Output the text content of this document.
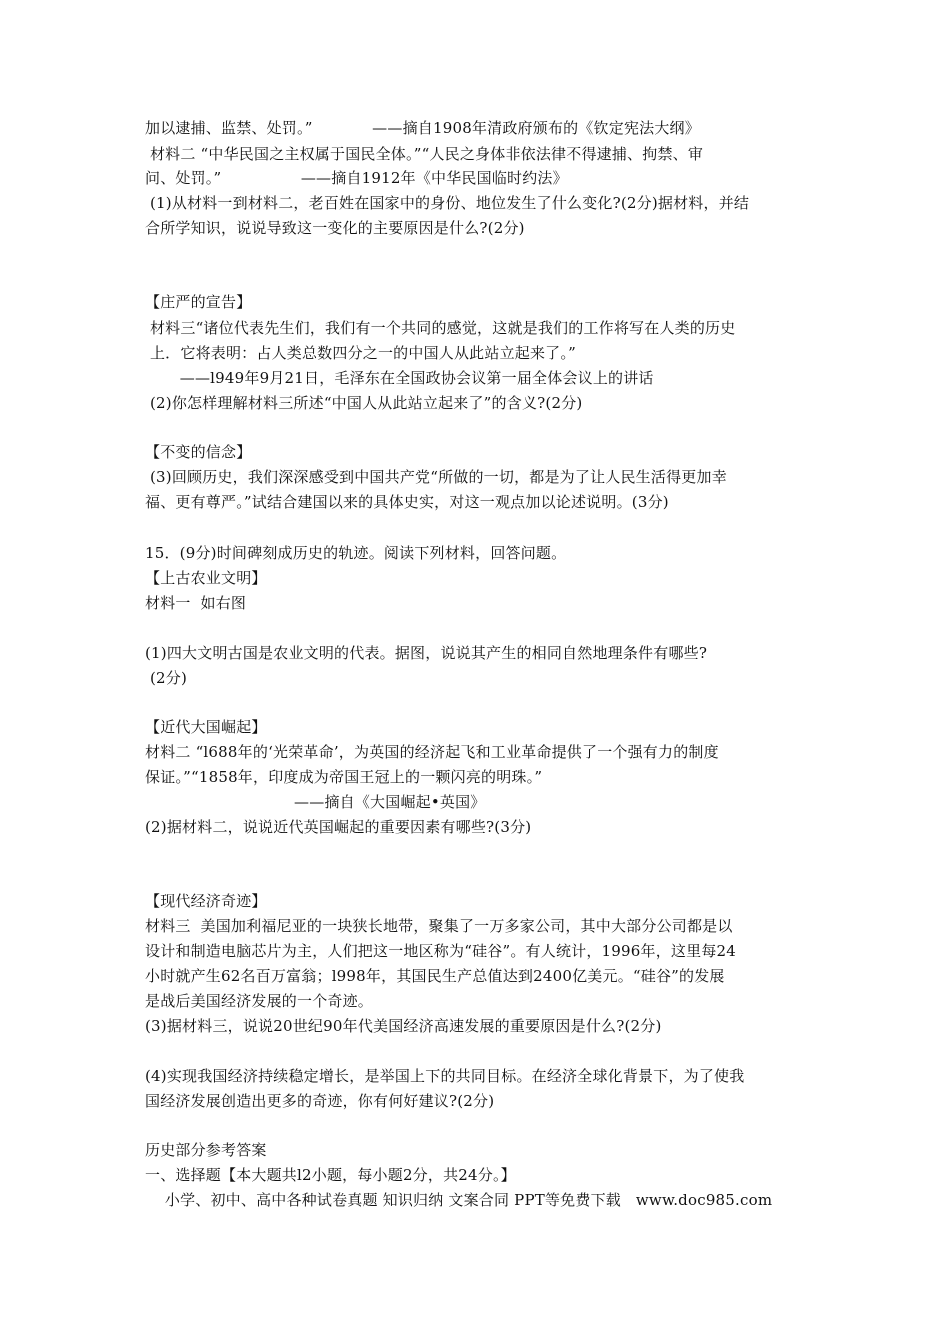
加以逮捕、监禁、处罚。”            ——摘自1908年清政府颁布的《钦定宪法大纲》
材料二 “中华民国之主权属于国民全体。”“人民之身体非依法律不得逮捕、拘禁、审
问、处罚。”                ——摘自1912年《中华民国临时约法》
(1)从材料一到材料二，老百姓在国家中的身份、地位发生了什么变化?(2分)据材料，并结
合所学知识，说说导致这一变化的主要原因是什么?(2分)
【庄严的宣告】
材料三“诸位代表先生们，我们有一个共同的感觉，这就是我们的工作将写在人类的历史
上．它将表明：占人类总数四分之一的中国人从此站立起来了。”
——l949年9月21日，毛泽东在全国政协会议第一届全体会议上的讲话
(2)你怎样理解材料三所述“中国人从此站立起来了”的含义?(2分)
【不变的信念】
(3)回顾历史，我们深深感受到中国共产党“所做的一切，都是为了让人民生活得更加幸
福、更有尊严。”试结合建国以来的具体史实，对这一观点加以论述说明。(3分)
15．(9分)时间碑刻成历史的轨迹。阅读下列材料，回答问题。
【上古农业文明】
材料一  如右图
(1)四大文明古国是农业文明的代表。据图，说说其产生的相同自然地理条件有哪些?
(2分)
【近代大国崛起】
材料二 “l688年的‘光荣革命’，为英国的经济起飞和工业革命提供了一个强有力的制度
保证。”“1858年，印度成为帝国王冠上的一颗闪亮的明珠。”
——摘自《大国崛起•英国》
(2)据材料二，说说近代英国崛起的重要因素有哪些?(3分)
【现代经济奇迹】
材料三  美国加利福尼亚的一块狭长地带，聚集了一万多家公司，其中大部分公司都是以
设计和制造电脑芯片为主，人们把这一地区称为“硅谷”。有人统计，1996年，这里每24
小时就产生62名百万富翁；l998年，其国民生产总值达到2400亿美元。“硅谷”的发展
是战后美国经济发展的一个奇迹。
(3)据材料三，说说20世纪90年代美国经济高速发展的重要原因是什么?(2分)
(4)实现我国经济持续稳定增长，是举国上下的共同目标。在经济全球化背景下，为了使我
国经济发展创造出更多的奇迹，你有何好建议?(2分)
历史部分参考答案
一、选择题【本大题共l2小题，每小题2分，共24分。】
小学、初中、高中各种试卷真题 知识归纳 文案合同 PPT等免费下载   www.doc985.com
